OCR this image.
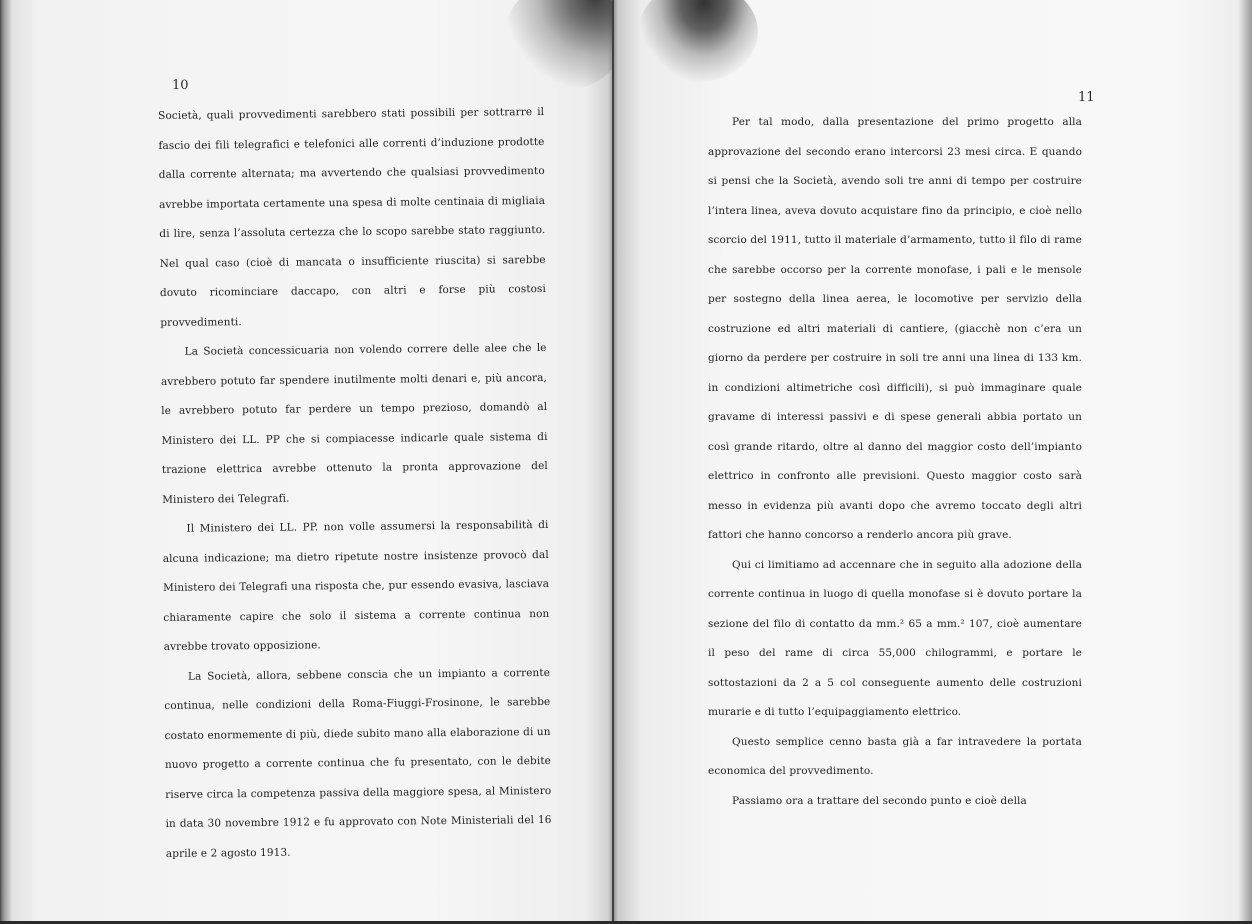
10

Società, quali provvedimenti sarebbero stati possibili per sottrarre il fascio dei fili telegrafici e telefonici alle correnti d’induzione prodotte dalla corrente alternata; ma avvertendo che qualsiasi provvedimento avrebbe importata certamente una spesa di molte centinaia di migliaia di lire, senza l’assoluta certezza che lo scopo sarebbe stato raggiunto. Nel qual caso (cioè di mancata o insufficiente riuscita) si sarebbe dovuto ricominciare daccapo, con altri e forse più costosi provvedimenti.

La Società concessicuaria non volendo correre delle alee che le avrebbero potuto far spendere inutilmente molti denari e, più ancora, le avrebbero potuto far perdere un tempo prezioso, domandò al Ministero dei LL. PP che si compiacesse indicarle quale sistema di trazione elettrica avrebbe ottenuto la pronta approvazione del Ministero dei Telegrafi.

Il Ministero dei LL. PP. non volle assumersi la responsabilità di alcuna indicazione; ma dietro ripetute nostre insistenze provocò dal Ministero dei Telegrafi una risposta che, pur essendo evasiva, lasciava chiaramente capire che solo il sistema a corrente continua non avrebbe trovato opposizione.

La Società, allora, sebbene conscia che un impianto a corrente continua, nelle condizioni della Roma-Fiuggi-Frosinone, le sarebbe costato enormemente di più, diede subito mano alla elaborazione di un nuovo progetto a corrente continua che fu presentato, con le debite riserve circa la competenza passiva della maggiore spesa, al Ministero in data 30 novembre 1912 e fu approvato con Note Ministeriali del 16 aprile e 2 agosto 1913.

11

Per tal modo, dalla presentazione del primo progetto alla approvazione del secondo erano intercorsi 23 mesi circa. E quando si pensi che la Società, avendo soli tre anni di tempo per costruire l’intera linea, aveva dovuto acquistare fino da principio, e cioè nello scorcio del 1911, tutto il materiale d’armamento, tutto il filo di rame che sarebbe occorso per la corrente monofase, i pali e le mensole per sostegno della linea aerea, le locomotive per servizio della costruzione ed altri materiali di cantiere, (giacchè non c’era un giorno da perdere per costruire in soli tre anni una linea di 133 km. in condizioni altimetriche così difficili), si può immaginare quale gravame di interessi passivi e di spese generali abbia portato un così grande ritardo, oltre al danno del maggior costo dell’impianto elettrico in confronto alle previsioni. Questo maggior costo sarà messo in evidenza più avanti dopo che avremo toccato degli altri fattori che hanno concorso a renderlo ancora più grave.

Qui ci limitiamo ad accennare che in seguito alla adozione della corrente continua in luogo di quella monofase si è dovuto portare la sezione del filo di contatto da mm.² 65 a mm.² 107, cioè aumentare il peso del rame di circa 55,000 chilogrammi, e portare le sottostazioni da 2 a 5 col conseguente aumento delle costruzioni murarie e di tutto l’equipaggiamento elettrico.

Questo semplice cenno basta già a far intravedere la portata economica del provvedimento.

Passiamo ora a trattare del secondo punto e cioè della
